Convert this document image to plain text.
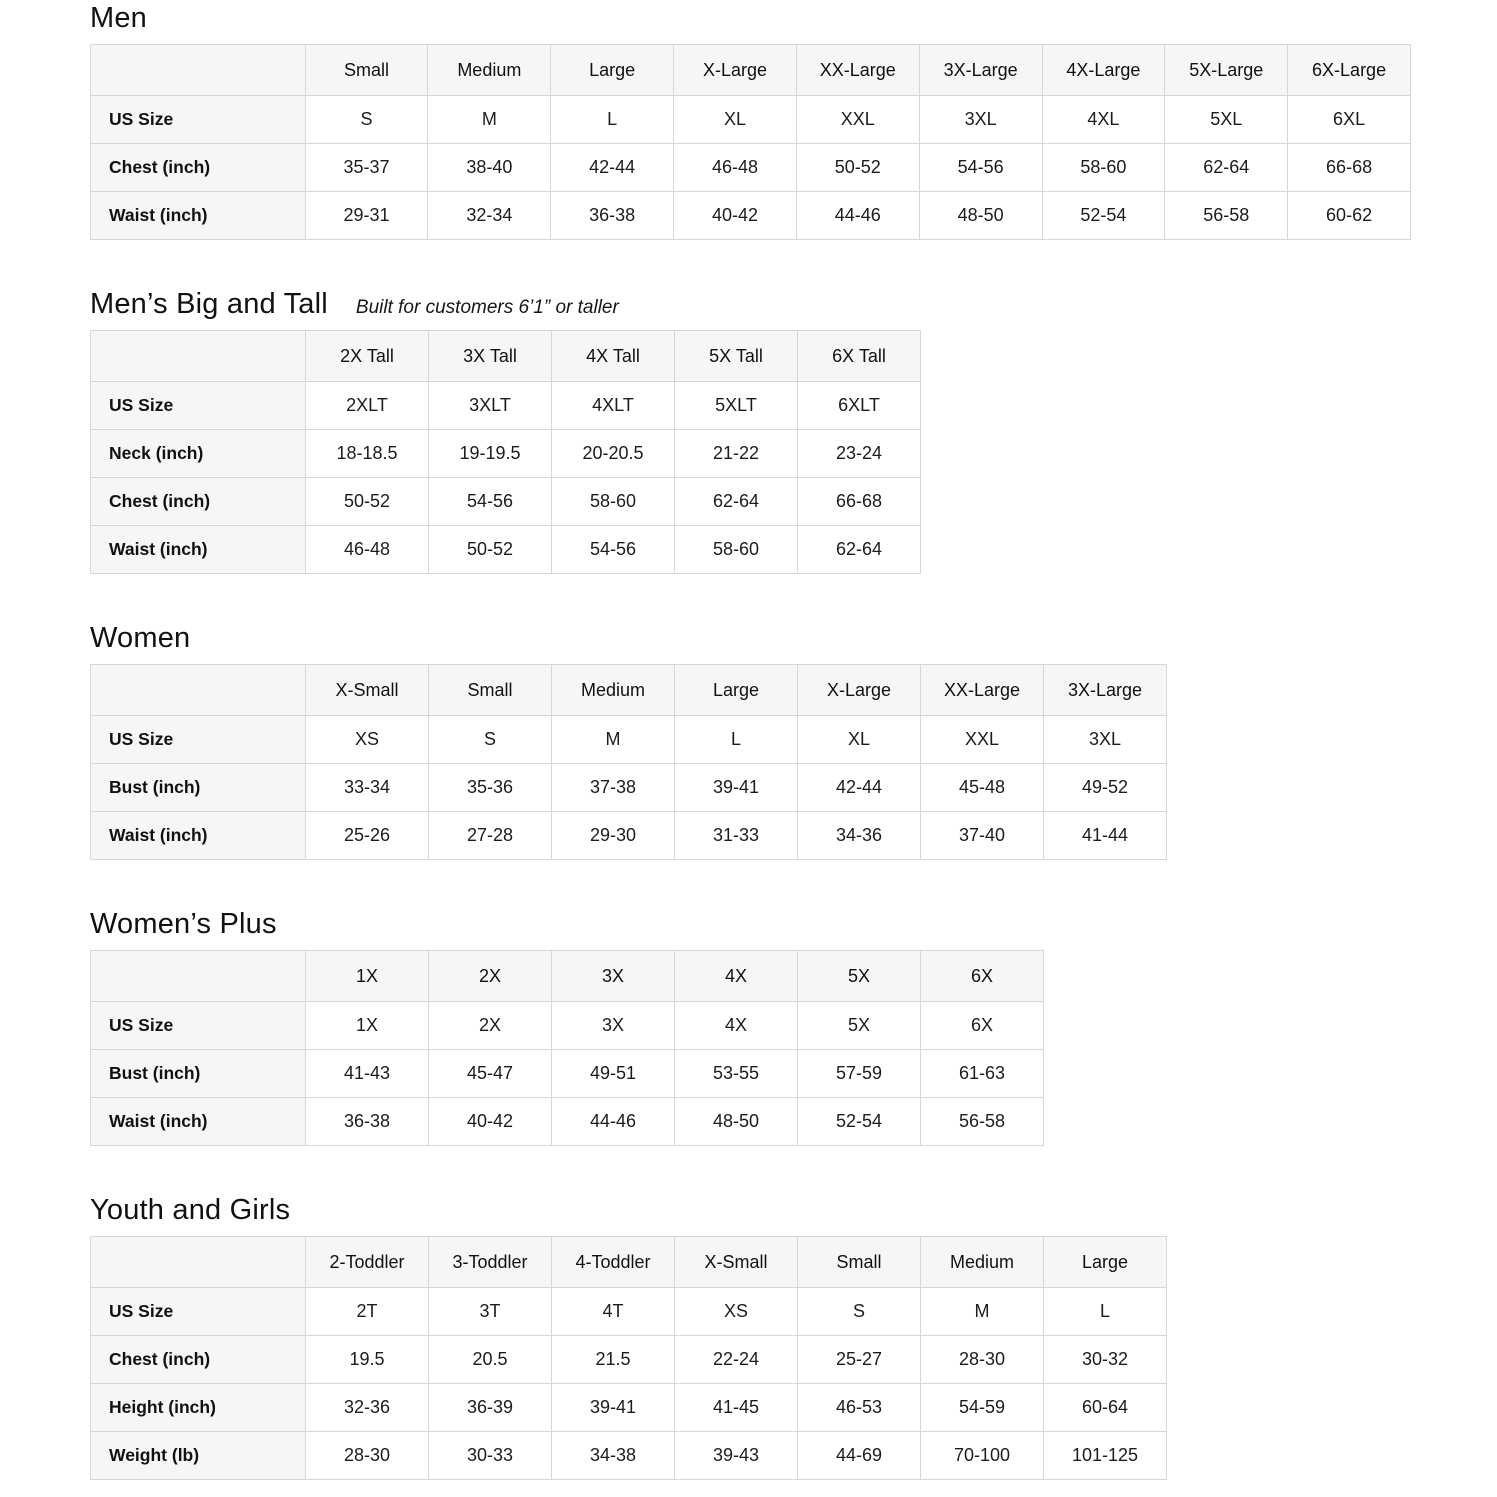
Men
	Small	Medium	Large	X-Large	XX-Large	3X-Large	4X-Large	5X-Large	6X-Large
US Size	S	M	L	XL	XXL	3XL	4XL	5XL	6XL
Chest (inch)	35-37	38-40	42-44	46-48	50-52	54-56	58-60	62-64	66-68
Waist (inch)	29-31	32-34	36-38	40-42	44-46	48-50	52-54	56-58	60-62
Men’s Big and Tall Built for customers 6’1” or taller
	2X Tall	3X Tall	4X Tall	5X Tall	6X Tall
US Size	2XLT	3XLT	4XLT	5XLT	6XLT
Neck (inch)	18-18.5	19-19.5	20-20.5	21-22	23-24
Chest (inch)	50-52	54-56	58-60	62-64	66-68
Waist (inch)	46-48	50-52	54-56	58-60	62-64
Women
	X-Small	Small	Medium	Large	X-Large	XX-Large	3X-Large
US Size	XS	S	M	L	XL	XXL	3XL
Bust (inch)	33-34	35-36	37-38	39-41	42-44	45-48	49-52
Waist (inch)	25-26	27-28	29-30	31-33	34-36	37-40	41-44
Women’s Plus
	1X	2X	3X	4X	5X	6X
US Size	1X	2X	3X	4X	5X	6X
Bust (inch)	41-43	45-47	49-51	53-55	57-59	61-63
Waist (inch)	36-38	40-42	44-46	48-50	52-54	56-58
Youth and Girls
	2-Toddler	3-Toddler	4-Toddler	X-Small	Small	Medium	Large
US Size	2T	3T	4T	XS	S	M	L
Chest (inch)	19.5	20.5	21.5	22-24	25-27	28-30	30-32
Height (inch)	32-36	36-39	39-41	41-45	46-53	54-59	60-64
Weight (lb)	28-30	30-33	34-38	39-43	44-69	70-100	101-125
